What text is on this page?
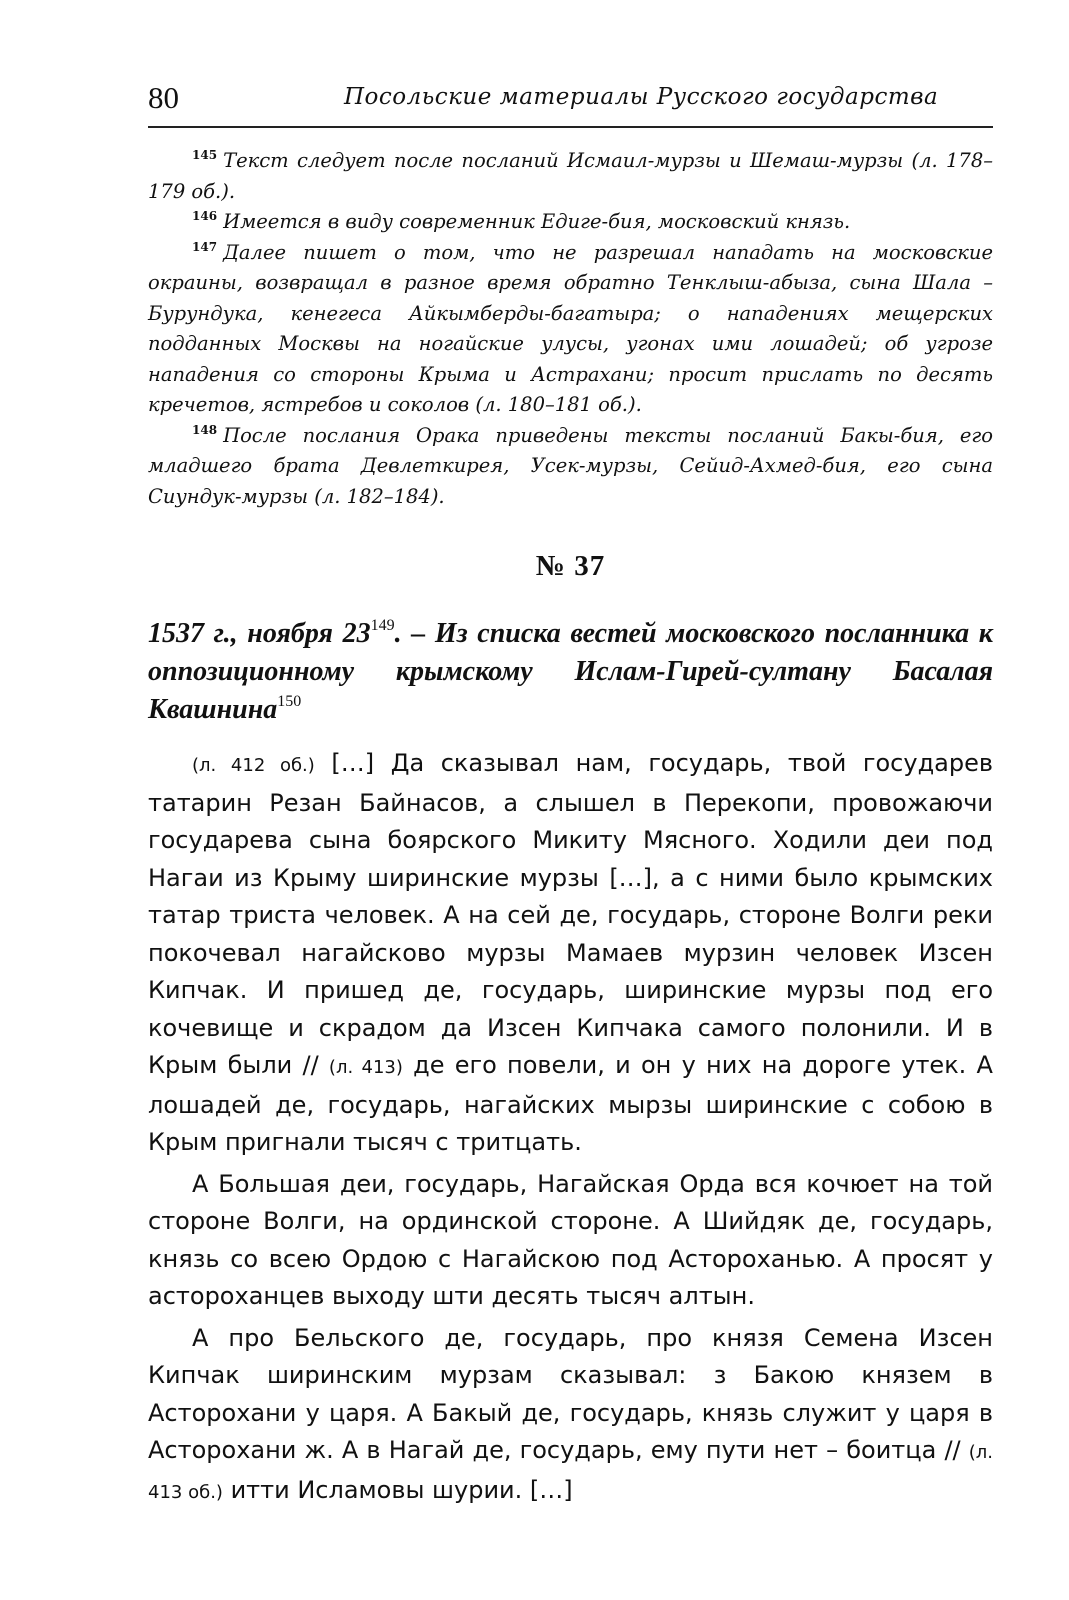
80	Посольские материалы Русского государства

$^{145}$ Текст следует после посланий Исмаил-мурзы и Шемаш-мурзы (л. 178–179 об.).

$^{146}$ Имеется в виду современник Едиге-бия, московский князь.

$^{147}$ Далее пишет о том, что не разрешал нападать на московские окраины, возвращал в разное время обратно Тенклыш-абыза, сына Шала – Бурундука, кенегеса Айкымберды-багатыра; о нападениях мещерских подданных Москвы на ногайские улусы, угонах ими лошадей; об угрозе нападения со стороны Крыма и Астрахани; просит прислать по десять кречетов, ястребов и соколов (л. 180–181 об.).

$^{148}$ После послания Орака приведены тексты посланий Бакы-бия, его младшего брата Девлеткирея, Усек-мурзы, Сейид-Ахмед-бия, его сына Сиундук-мурзы (л. 182–184).

№ 37
1537 г., ноября $23^{149}$. – Из списка вестей московского посланника к оппозиционному крымскому Ислам-Гирей-султану Басалая Квашнина$^{150}$

(л. 412 об.) […] Да сказывал нам, государь, твой государев татарин Резан Байнасов, а слышел в Перекопи, провожаючи государева сына боярского Микиту Мясного. Ходили деи под Нагаи из Крыму ширинские мурзы […], а с ними было крымских татар триста человек. А на сей де, государь, стороне Волги реки покочевал нагайсково мурзы Мамаев мурзин человек Изсен Кипчак. И пришед де, государь, ширинские мурзы под его кочевище и скрадом да Изсен Кипчака самого полонили. И в Крым были // (л. 413) де его повели, и он у них на дороге утек. А лошадей де, государь, нагайских мырзы ширинские с собою в Крым пригнали тысяч с тритцать.

А Большая деи, государь, Нагайская Орда вся кочюет на той стороне Волги, на ординской стороне. А Шийдяк де, государь, князь со всею Ордою с Нагайскою под Астороханью. А просят у астороханцев выходу шти десять тысяч алтын.

А про Бельского де, государь, про князя Семена Изсен Кипчак ширинским мурзам сказывал: з Бакою князем в Асторохани у царя. А Бакый де, государь, князь служит у царя в Асторохани ж. А в Нагай де, государь, ему пути нет – боитца // (л. 413 об.) итти Исламовы шурии. […]
